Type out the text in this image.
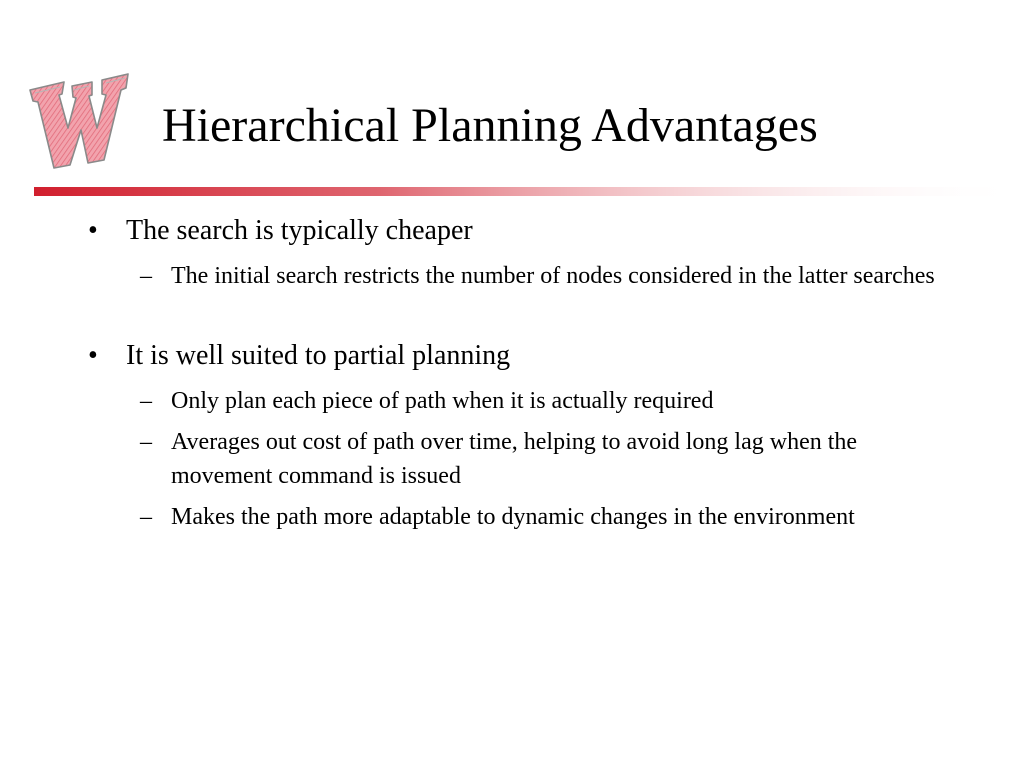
Hierarchical Planning Advantages
• The search is typically cheaper
– The initial search restricts the number of nodes considered in the latter searches
• It is well suited to partial planning
– Only plan each piece of path when it is actually required
– Averages out cost of path over time, helping to avoid long lag when the movement command is issued
– Makes the path more adaptable to dynamic changes in the environment
